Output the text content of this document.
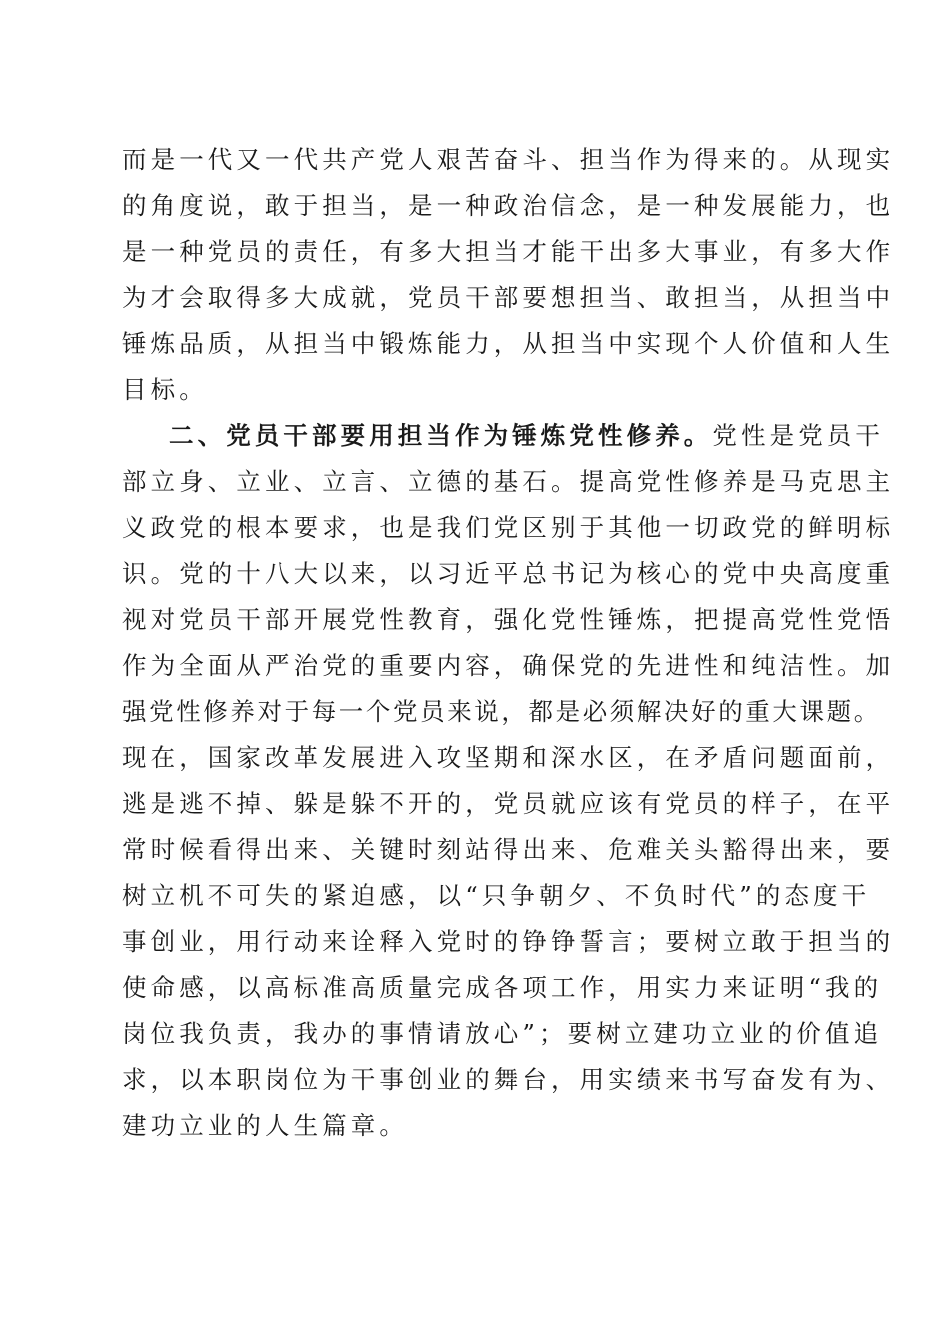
而是一代又一代共产党人艰苦奋斗、担当作为得来的。从现实
的角度说，敢于担当，是一种政治信念，是一种发展能力，也
是一种党员的责任，有多大担当才能干出多大事业，有多大作
为才会取得多大成就，党员干部要想担当、敢担当，从担当中
锤炼品质，从担当中锻炼能力，从担当中实现个人价值和人生
目标。
二、党员干部要用担当作为锤炼党性修养。党性是党员干
部立身、立业、立言、立德的基石。提高党性修养是马克思主
义政党的根本要求，也是我们党区别于其他一切政党的鲜明标
识。党的十八大以来，以习近平总书记为核心的党中央高度重
视对党员干部开展党性教育，强化党性锤炼，把提高党性党悟
作为全面从严治党的重要内容，确保党的先进性和纯洁性。加
强党性修养对于每一个党员来说，都是必须解决好的重大课题。
现在，国家改革发展进入攻坚期和深水区，在矛盾问题面前，
逃是逃不掉、躲是躲不开的，党员就应该有党员的样子，在平
常时候看得出来、关键时刻站得出来、危难关头豁得出来，要
树立机不可失的紧迫感，以“只争朝夕、不负时代”的态度干
事创业，用行动来诠释入党时的铮铮誓言；要树立敢于担当的
使命感，以高标准高质量完成各项工作，用实力来证明“我的
岗位我负责，我办的事情请放心”；要树立建功立业的价值追
求，以本职岗位为干事创业的舞台，用实绩来书写奋发有为、
建功立业的人生篇章。
